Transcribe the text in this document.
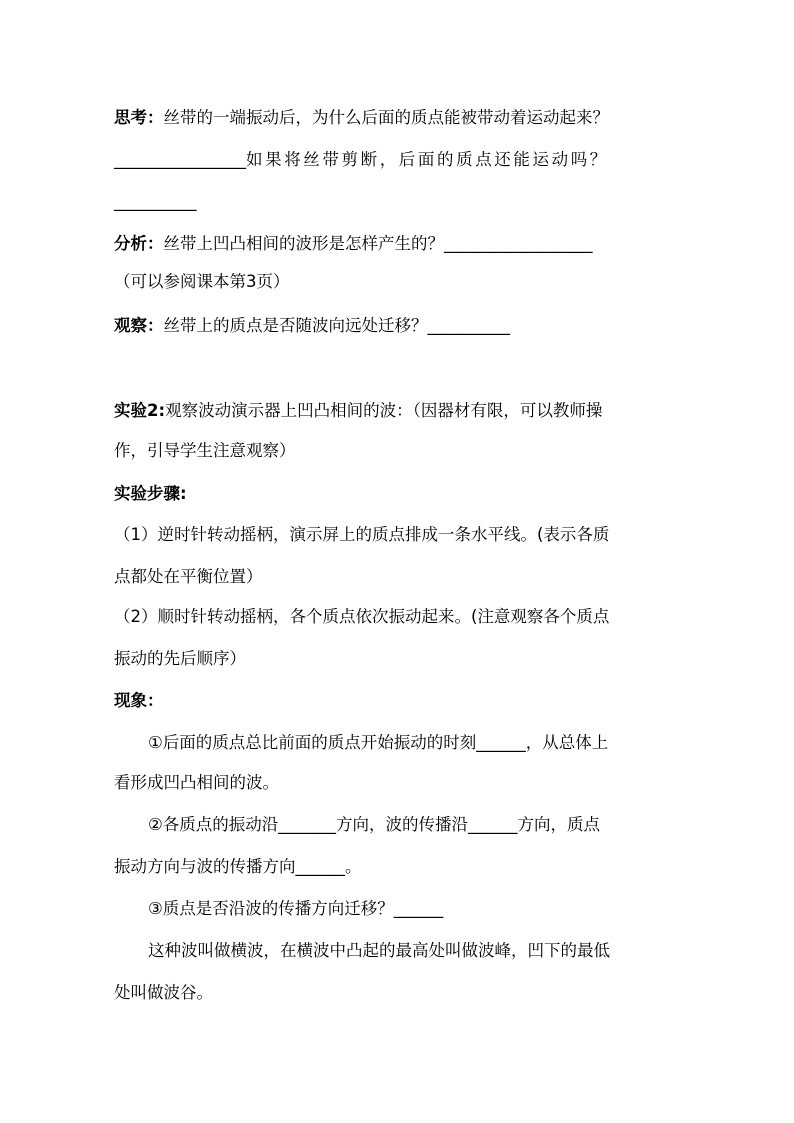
思考：丝带的一端振动后，为什么后面的质点能被带动着运动起来？
________________如果将丝带剪断，后面的质点还能运动吗？
__________
分析：丝带上凹凸相间的波形是怎样产生的？__________________
（可以参阅课本第3页）
观察：丝带上的质点是否随波向远处迁移？__________
实验2:观察波动演示器上凹凸相间的波：（因器材有限，可以教师操
作，引导学生注意观察）
实验步骤:
（1）逆时针转动摇柄，演示屏上的质点排成一条水平线。(表示各质
点都处在平衡位置）
（2）顺时针转动摇柄，各个质点依次振动起来。(注意观察各个质点
振动的先后顺序）
现象：
①后面的质点总比前面的质点开始振动的时刻______，从总体上
看形成凹凸相间的波。
②各质点的振动沿_______方向，波的传播沿______方向，质点
振动方向与波的传播方向______。
③质点是否沿波的传播方向迁移？______
这种波叫做横波，在横波中凸起的最高处叫做波峰，凹下的最低
处叫做波谷。
